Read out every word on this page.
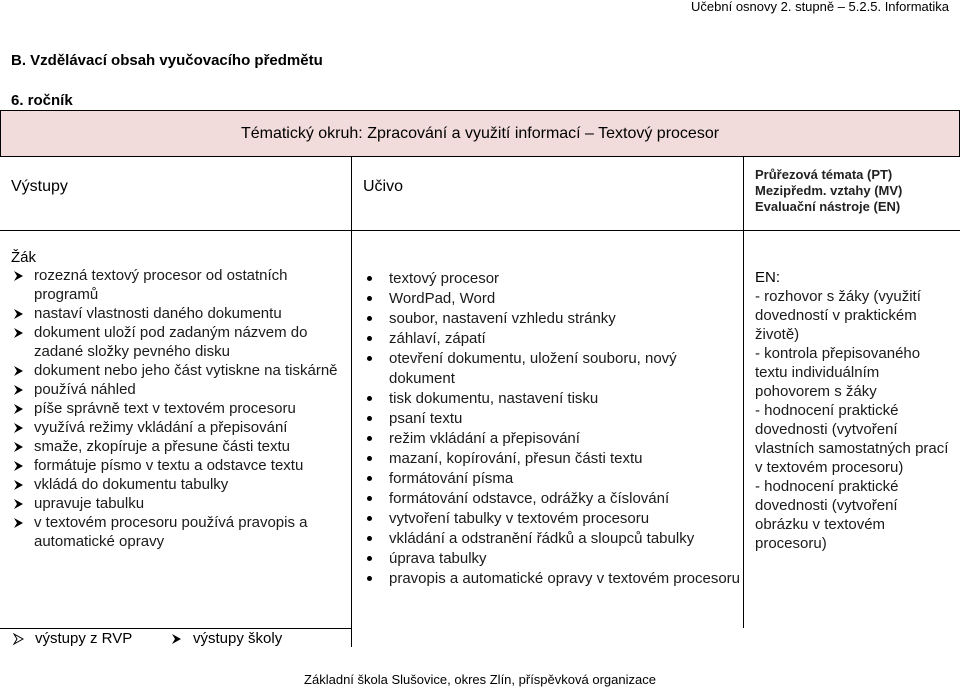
Učební osnovy 2. stupně – 5.2.5. Informatika
B. Vzdělávací obsah vyučovacího předmětu
6. ročník
Tématický okruh: Zpracování a využití informací – Textový procesor
Výstupy	Učivo
Průřezová témata (PT)
Mezipředm. vztahy (MV)
Evaluační nástroje (EN)
Žák
rozezná textový procesor od ostatních programů
nastaví vlastnosti daného dokumentu
dokument uloží pod zadaným názvem do zadané složky pevného disku
dokument nebo jeho část vytiskne na tiskárně
používá náhled
píše správně text v textovém procesoru
využívá režimy vkládání a přepisování
smaže, zkopíruje a přesune části textu
formátuje písmo v textu a odstavce textu
vkládá do dokumentu tabulky
upravuje tabulku
v textovém procesoru používá pravopis a automatické opravy
textový procesor
WordPad, Word
soubor, nastavení vzhledu stránky
záhlaví, zápatí
otevření dokumentu, uložení souboru, nový dokument
tisk dokumentu, nastavení tisku
psaní textu
režim vkládání a přepisování
mazaní, kopírování, přesun části textu
formátování písma
formátování odstavce, odrážky a číslování
vytvoření tabulky v textovém procesoru
vkládání a odstranění řádků a sloupců tabulky
úprava tabulky
pravopis a automatické opravy v textovém procesoru
EN:
- rozhovor s žáky (využití dovedností v praktickém životě)
- kontrola přepisovaného textu individuálním pohovorem s žáky
- hodnocení praktické dovednosti (vytvoření vlastních samostatných prací v textovém procesoru)
- hodnocení praktické dovednosti (vytvoření obrázku v textovém procesoru)
výstupy z RVP	výstupy školy
Základní škola Slušovice, okres Zlín, příspěvková organizace
